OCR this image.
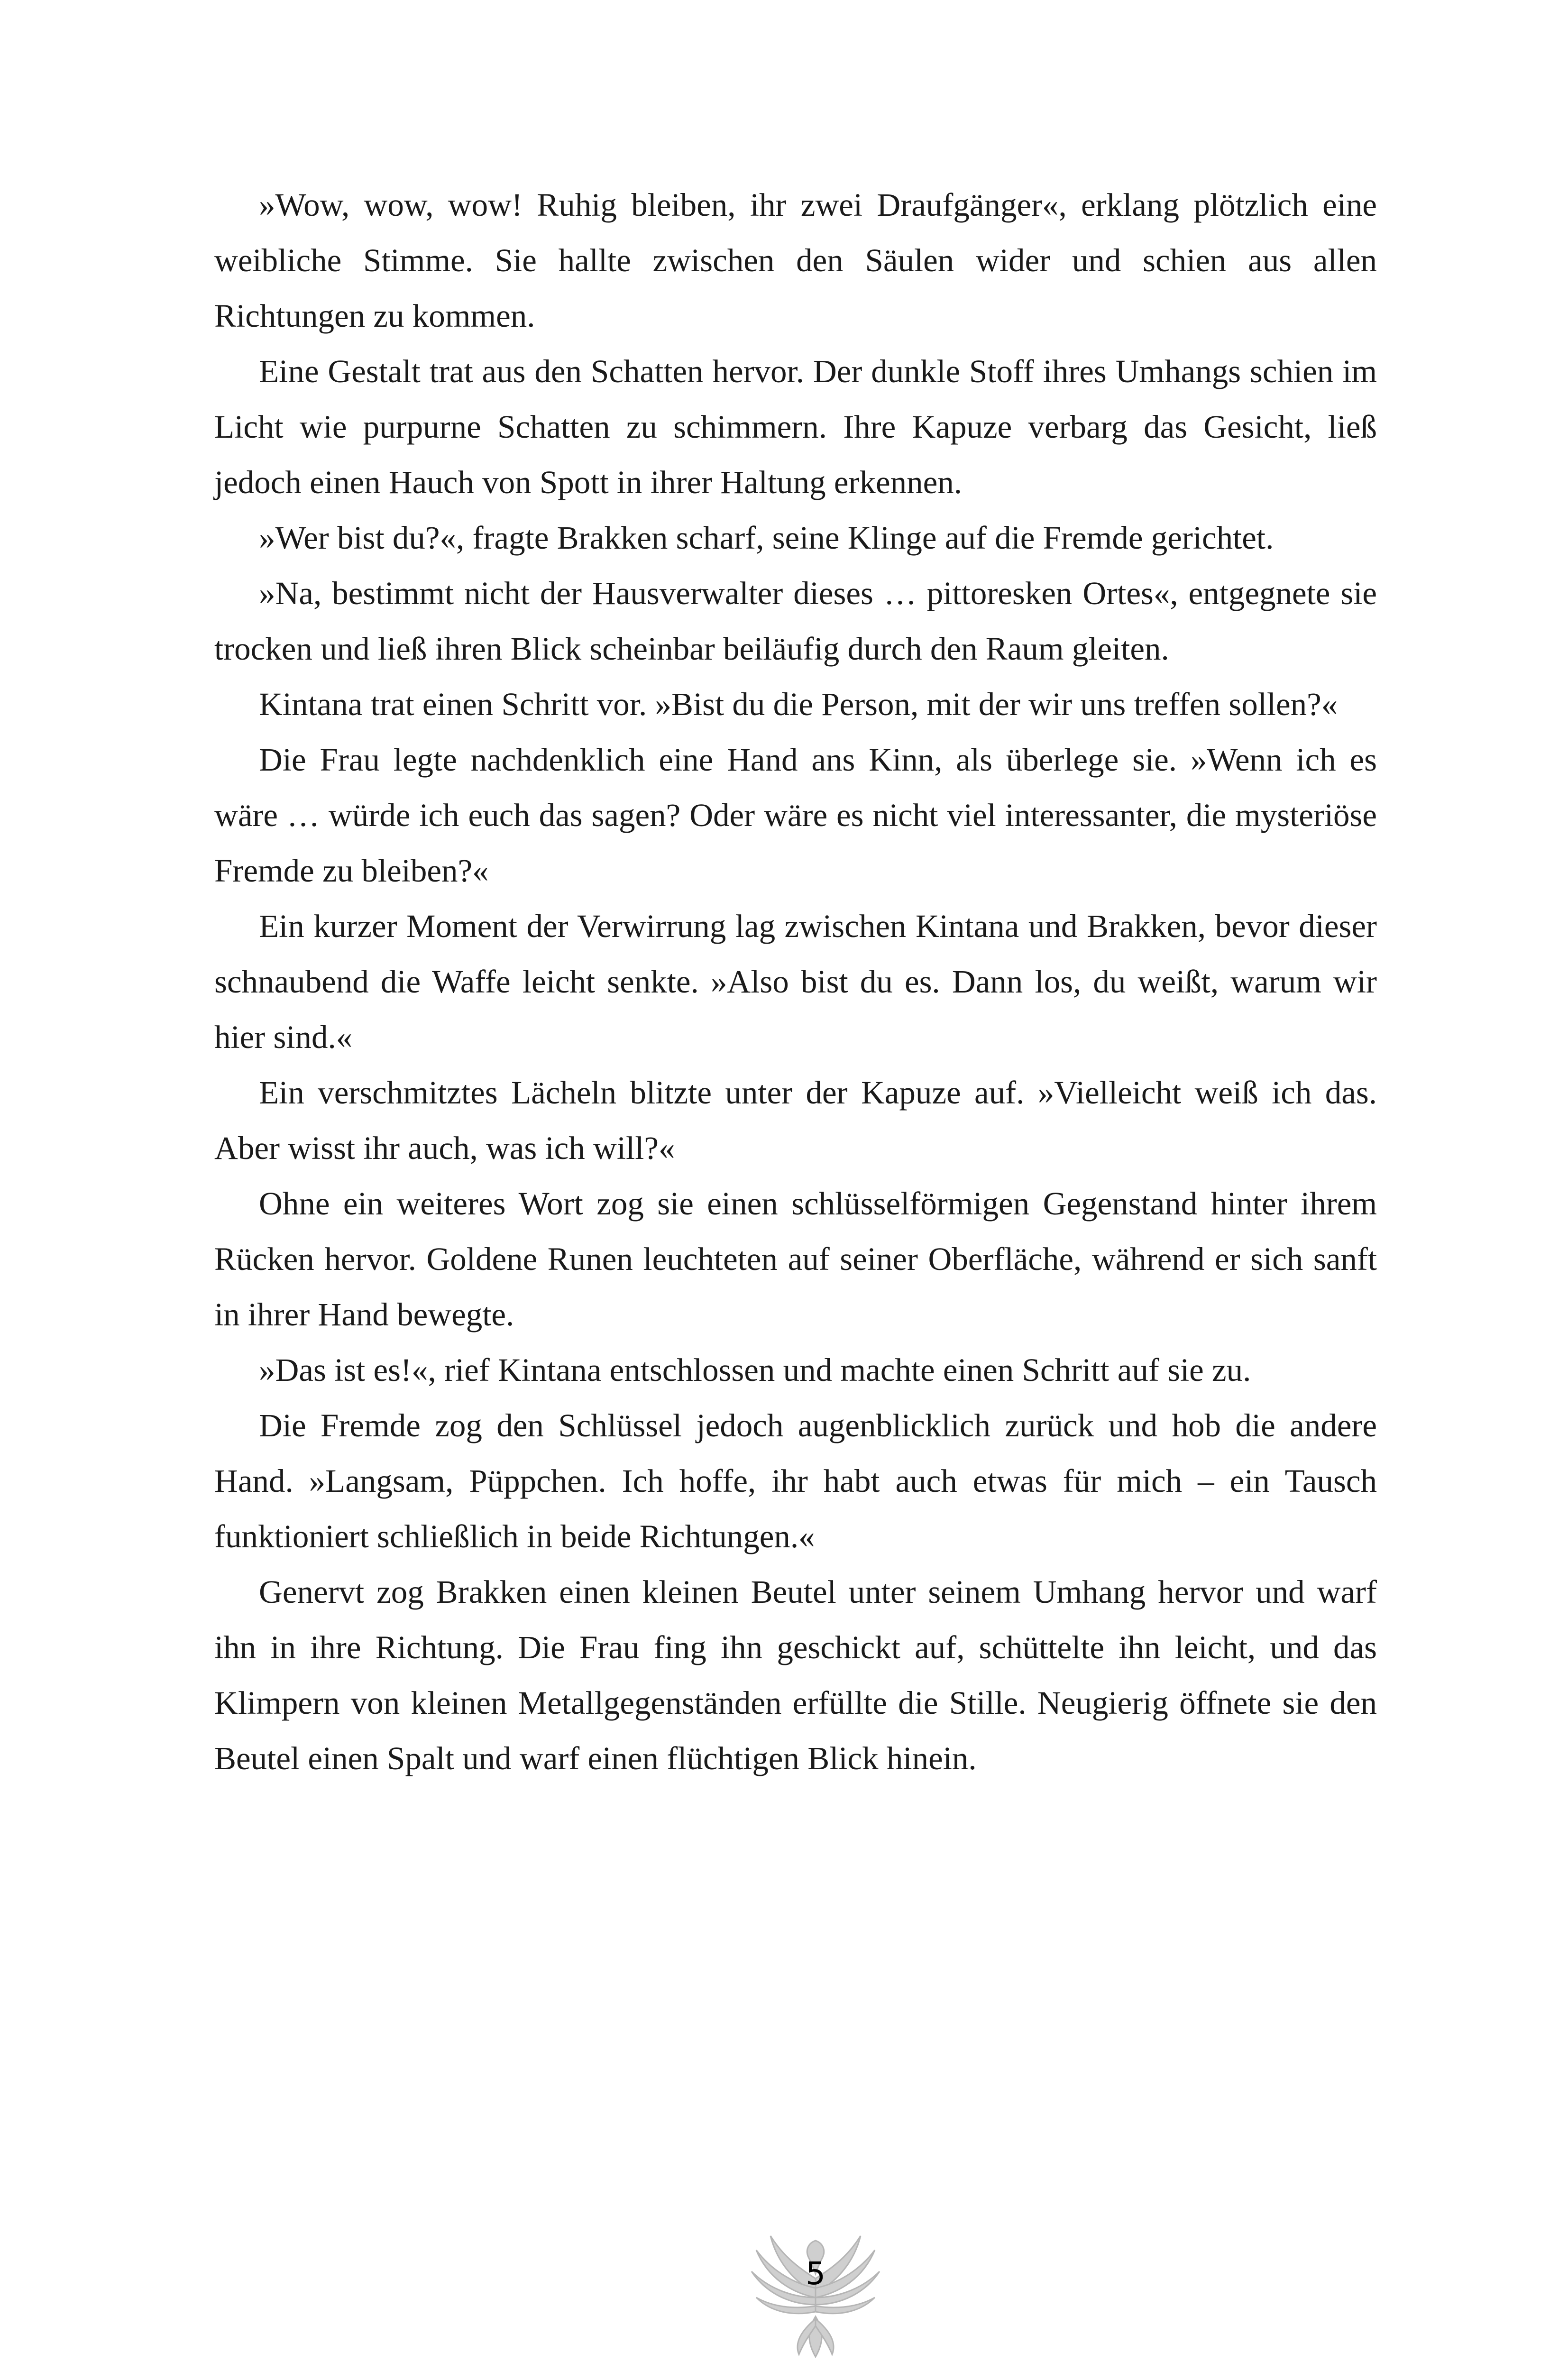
»Wow, wow, wow! Ruhig bleiben, ihr zwei Draufgänger«, erklang plötzlich eine weibliche Stimme. Sie hallte zwischen den Säulen wider und schien aus allen Richtungen zu kommen.

Eine Gestalt trat aus den Schatten hervor. Der dunkle Stoff ihres Umhangs schien im Licht wie purpurne Schatten zu schimmern. Ihre Kapuze verbarg das Gesicht, ließ jedoch einen Hauch von Spott in ihrer Haltung erkennen.

»Wer bist du?«, fragte Brakken scharf, seine Klinge auf die Fremde gerichtet.

»Na, bestimmt nicht der Hausverwalter dieses … pittoresken Ortes«, entgegnete sie trocken und ließ ihren Blick scheinbar beiläufig durch den Raum gleiten.

Kintana trat einen Schritt vor. »Bist du die Person, mit der wir uns treffen sollen?«

Die Frau legte nachdenklich eine Hand ans Kinn, als überlege sie. »Wenn ich es wäre … würde ich euch das sagen? Oder wäre es nicht viel interessanter, die mysteriöse Fremde zu bleiben?«

Ein kurzer Moment der Verwirrung lag zwischen Kintana und Brakken, bevor dieser schnaubend die Waffe leicht senkte. »Also bist du es. Dann los, du weißt, warum wir hier sind.«

Ein verschmitztes Lächeln blitzte unter der Kapuze auf. »Vielleicht weiß ich das. Aber wisst ihr auch, was ich will?«

Ohne ein weiteres Wort zog sie einen schlüsselförmigen Gegenstand hinter ihrem Rücken hervor. Goldene Runen leuchteten auf seiner Oberfläche, während er sich sanft in ihrer Hand bewegte.

»Das ist es!«, rief Kintana entschlossen und machte einen Schritt auf sie zu.

Die Fremde zog den Schlüssel jedoch augenblicklich zurück und hob die andere Hand. »Langsam, Püppchen. Ich hoffe, ihr habt auch etwas für mich – ein Tausch funktioniert schließlich in beide Richtungen.«

Genervt zog Brakken einen kleinen Beutel unter seinem Umhang hervor und warf ihn in ihre Richtung. Die Frau fing ihn geschickt auf, schüttelte ihn leicht, und das Klimpern von kleinen Metallgegenständen erfüllte die Stille. Neugierig öffnete sie den Beutel einen Spalt und warf einen flüchtigen Blick hinein.

5
